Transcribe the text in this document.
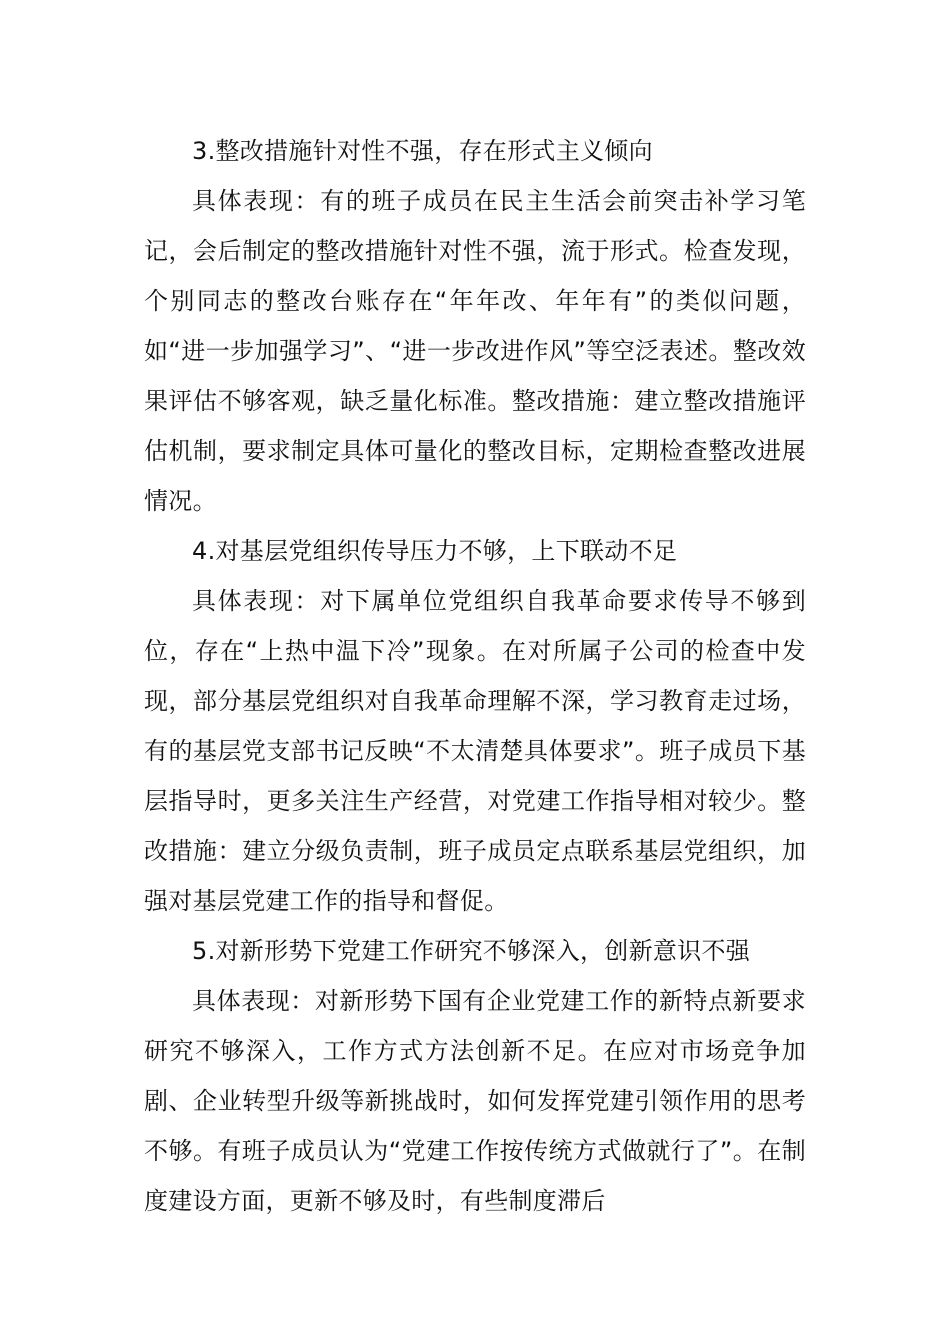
3.整改措施针对性不强，存在形式主义倾向

具体表现：有的班子成员在民主生活会前突击补学习笔记，会后制定的整改措施针对性不强，流于形式。检查发现，个别同志的整改台账存在“年年改、年年有”的类似问题，如“进一步加强学习”、“进一步改进作风”等空泛表述。整改效果评估不够客观，缺乏量化标准。整改措施：建立整改措施评估机制，要求制定具体可量化的整改目标，定期检查整改进展情况。

4.对基层党组织传导压力不够，上下联动不足

具体表现：对下属单位党组织自我革命要求传导不够到位，存在“上热中温下冷”现象。在对所属子公司的检查中发现，部分基层党组织对自我革命理解不深，学习教育走过场，有的基层党支部书记反映“不太清楚具体要求”。班子成员下基层指导时，更多关注生产经营，对党建工作指导相对较少。整改措施：建立分级负责制，班子成员定点联系基层党组织，加强对基层党建工作的指导和督促。

5.对新形势下党建工作研究不够深入，创新意识不强

具体表现：对新形势下国有企业党建工作的新特点新要求研究不够深入，工作方式方法创新不足。在应对市场竞争加剧、企业转型升级等新挑战时，如何发挥党建引领作用的思考不够。有班子成员认为“党建工作按传统方式做就行了”。在制度建设方面，更新不够及时，有些制度滞后
